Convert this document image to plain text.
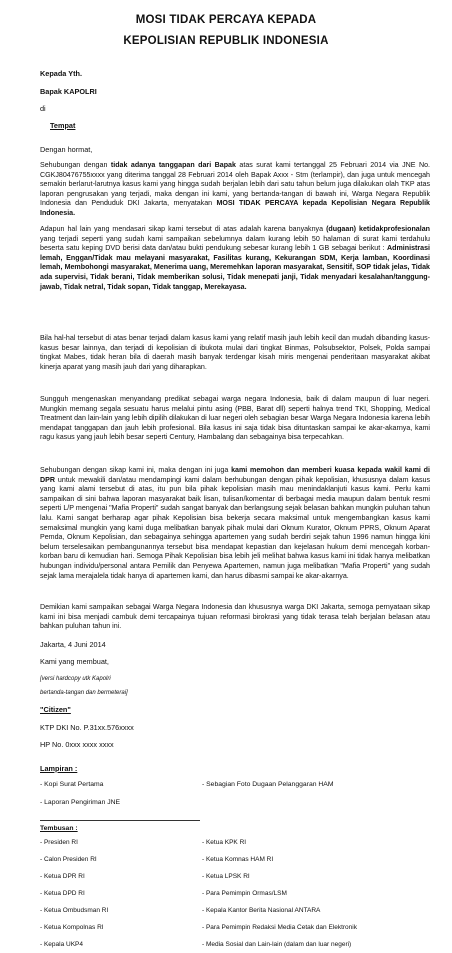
MOSI TIDAK PERCAYA KEPADA
KEPOLISIAN REPUBLIK INDONESIA
Kepada Yth.
Bapak KAPOLRI
di
Tempat
Dengan hormat,
Sehubungan dengan tidak adanya tanggapan dari Bapak atas surat kami tertanggal 25 Februari 2014 via JNE No. CGKJ80476755xxxx yang diterima tanggal 28 Februari 2014 oleh Bapak Axxx - Stm (terlampir), dan juga untuk mencegah semakin berlarut-larutnya kasus kami yang hingga sudah berjalan lebih dari satu tahun belum juga dilakukan olah TKP atas laporan pengrusakan yang terjadi, maka dengan ini kami, yang bertanda-tangan di bawah ini, Warga Negara Republik Indonesia dan Penduduk DKI Jakarta, menyatakan MOSI TIDAK PERCAYA kepada Kepolisian Negara Republik Indonesia.
Adapun hal lain yang mendasari sikap kami tersebut di atas adalah karena banyaknya (dugaan) ketidakprofesionalan yang terjadi seperti yang sudah kami sampaikan sebelumnya dalam kurang lebih 50 halaman di surat kami terdahulu beserta satu keping DVD berisi data dan/atau bukti pendukung sebesar kurang lebih 1 GB sebagai berikut : Administrasi lemah, Enggan/Tidak mau melayani masyarakat, Fasilitas kurang, Kekurangan SDM, Kerja lamban, Koordinasi lemah, Membohongi masyarakat, Menerima uang, Meremehkan laporan masyarakat, Sensitif, SOP tidak jelas, Tidak ada supervisi, Tidak berani, Tidak memberikan solusi, Tidak menepati janji, Tidak menyadari kesalahan/tanggung-jawab, Tidak netral, Tidak sopan, Tidak tanggap, Merekayasa.
Bila hal-hal tersebut di atas benar terjadi dalam kasus kami yang relatif masih jauh lebih kecil dan mudah dibanding kasus-kasus besar lainnya, dan terjadi di kepolisian di ibukota mulai dari tingkat Binmas, Polsubsektor, Polsek, Polda sampai tingkat Mabes, tidak heran bila di daerah masih banyak terdengar kisah miris mengenai penderitaan masyarakat akibat kinerja aparat yang masih jauh dari yang diharapkan.
Sungguh mengenaskan menyandang predikat sebagai warga negara Indonesia, baik di dalam maupun di luar negeri. Mungkin memang segala sesuatu harus melalui pintu asing (PBB, Barat dll) seperti halnya trend TKI, Shopping, Medical Treatment dan lain-lain yang lebih dipilih dilakukan di luar negeri oleh sebagian besar Warga Negara Indonesia karena lebih mendapat tanggapan dan jauh lebih profesional. Bila kasus ini saja tidak bisa dituntaskan sampai ke akar-akarnya, kami ragu kasus yang jauh lebih besar seperti Century, Hambalang dan sebagainya bisa terpecahkan.
Sehubungan dengan sikap kami ini, maka dengan ini juga kami memohon dan memberi kuasa kepada wakil kami di DPR untuk mewakili dan/atau mendampingi kami dalam berhubungan dengan pihak kepolisian, khususnya dalam kasus yang kami alami tersebut di atas, itu pun bila pihak kepolisian masih mau menindaklanjuti kasus kami. Perlu kami sampaikan di sini bahwa laporan masyarakat baik lisan, tulisan/komentar di berbagai media maupun dalam bentuk resmi seperti L/P mengenai "Mafia Properti" sudah sangat banyak dan berlangsung sejak belasan bahkan mungkin puluhan tahun lalu. Kami sangat berharap agar pihak Kepolisian bisa bekerja secara maksimal untuk mengembangkan kasus kami semaksimal mungkin yang kami duga melibatkan banyak pihak mulai dari Oknum Kurator, Oknum PPRS, Oknum Aparat Pemda, Oknum Kepolisian, dan sebagainya sehingga apartemen yang sudah berdiri sejak tahun 1996 namun hingga kini belum terselesaikan pembangunannya tersebut bisa mendapat kepastian dan kejelasan hukum demi mencegah korban-korban baru di kemudian hari. Semoga Pihak Kepolisian bisa lebih jeli melihat bahwa kasus kami ini tidak hanya melibatkan hubungan individu/personal antara Pemilik dan Penyewa Apartemen, namun juga melibatkan "Mafia Properti" yang sudah sejak lama merajalela tidak hanya di apartemen kami, dan harus dibasmi sampai ke akar-akarnya.
Demikian kami sampaikan sebagai Warga Negara Indonesia dan khususnya warga DKI Jakarta, semoga pernyataan sikap kami ini bisa menjadi cambuk demi tercapainya tujuan reformasi birokrasi yang tidak terasa telah berjalan belasan atau bahkan puluhan tahun ini.
Jakarta, 4 Juni 2014
Kami yang membuat,
[versi hardcopy utk Kapolri
bertanda-tangan dan bermeterai]
"Citizen"
KTP DKI No. P.31xx.576xxxx
HP No. 0xxx xxxx xxxx
Lampiran :
- Kopi Surat Pertama	- Sebagian Foto Dugaan Pelanggaran HAM
- Laporan Pengiriman JNE
Tembusan :
- Presiden RI
- Calon Presiden RI
- Ketua DPR RI
- Ketua DPD RI
- Ketua Ombudsman RI
- Ketua Kompolnas RI
- Kepala UKP4
- Ketua KPK RI
- Ketua Komnas HAM RI
- Ketua LPSK RI
- Para Pemimpin Ormas/LSM
- Kepala Kantor Berita Nasional ANTARA
- Para Pemimpin Redaksi Media Cetak dan Elektronik
- Media Sosial dan Lain-lain (dalam dan luar negeri)
